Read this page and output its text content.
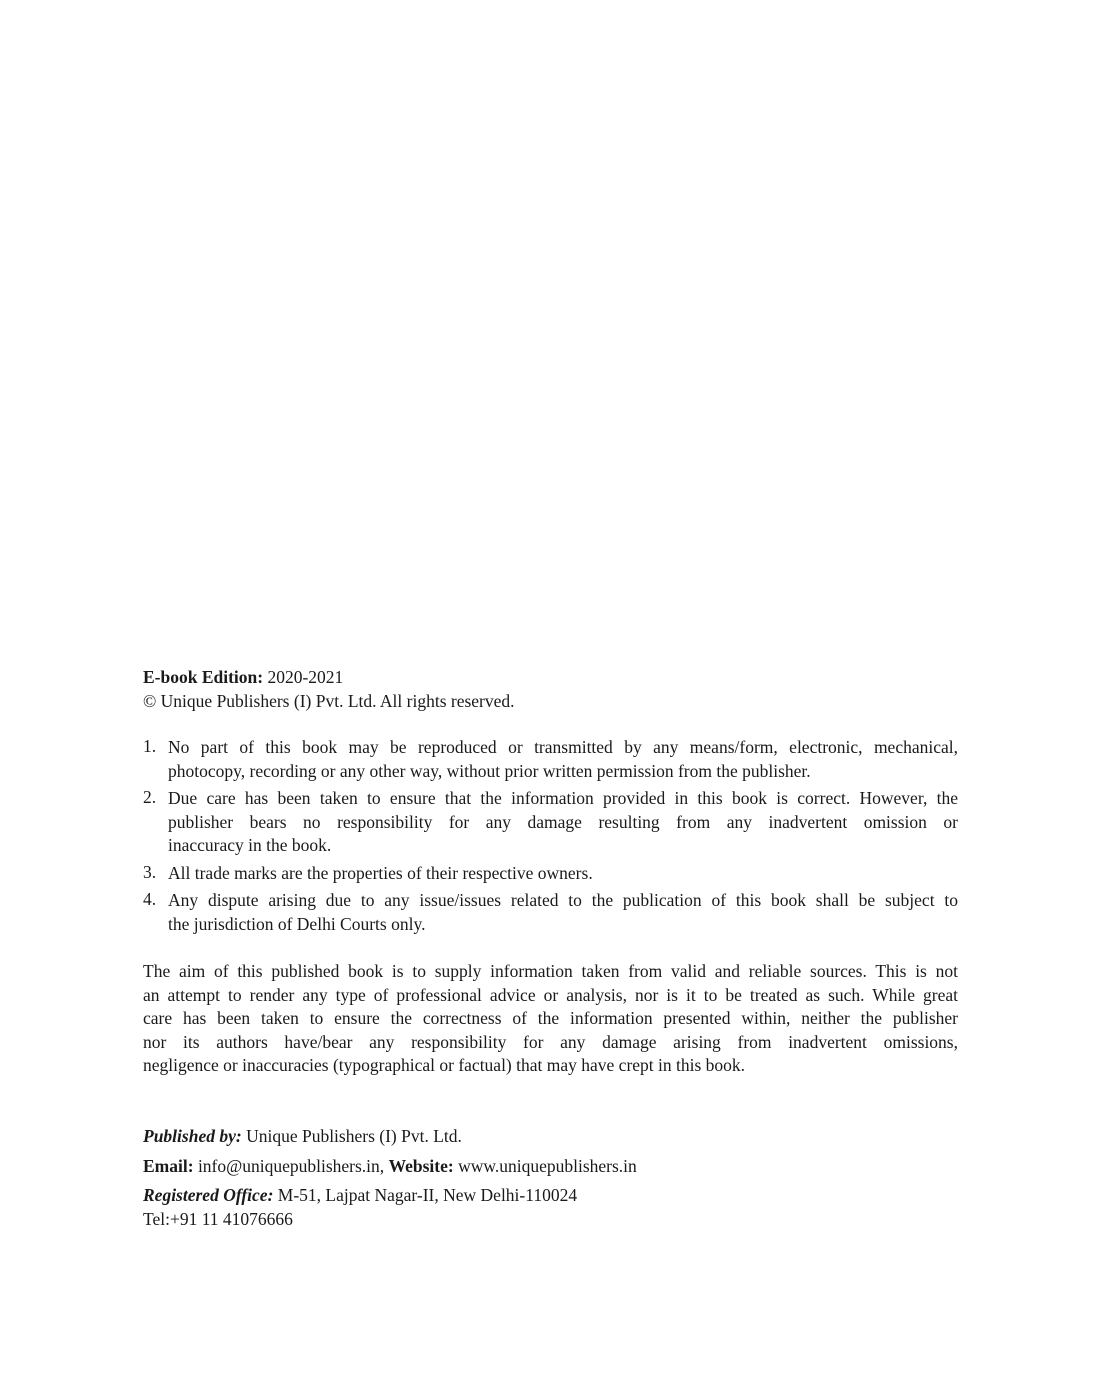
E-book Edition: 2020-2021
© Unique Publishers (I) Pvt. Ltd. All rights reserved.
1. No part of this book may be reproduced or transmitted by any means/form, electronic, mechanical,
photocopy, recording or any other way, without prior written permission from the publisher.
2. Due care has been taken to ensure that the information provided in this book is correct. However, the
publisher bears no responsibility for any damage resulting from any inadvertent omission or
inaccuracy in the book.
3. All trade marks are the properties of their respective owners.
4. Any dispute arising due to any issue/issues related to the publication of this book shall be subject to
the jurisdiction of Delhi Courts only.
The aim of this published book is to supply information taken from valid and reliable sources. This is not
an attempt to render any type of professional advice or analysis, nor is it to be treated as such. While great
care has been taken to ensure the correctness of the information presented within, neither the publisher
nor its authors have/bear any responsibility for any damage arising from inadvertent omissions,
negligence or inaccuracies (typographical or factual) that may have crept in this book.
Published by: Unique Publishers (I) Pvt. Ltd.
Email: info@uniquepublishers.in, Website: www.uniquepublishers.in
Registered Office: M-51, Lajpat Nagar-II, New Delhi-110024
Tel:+91 11 41076666
